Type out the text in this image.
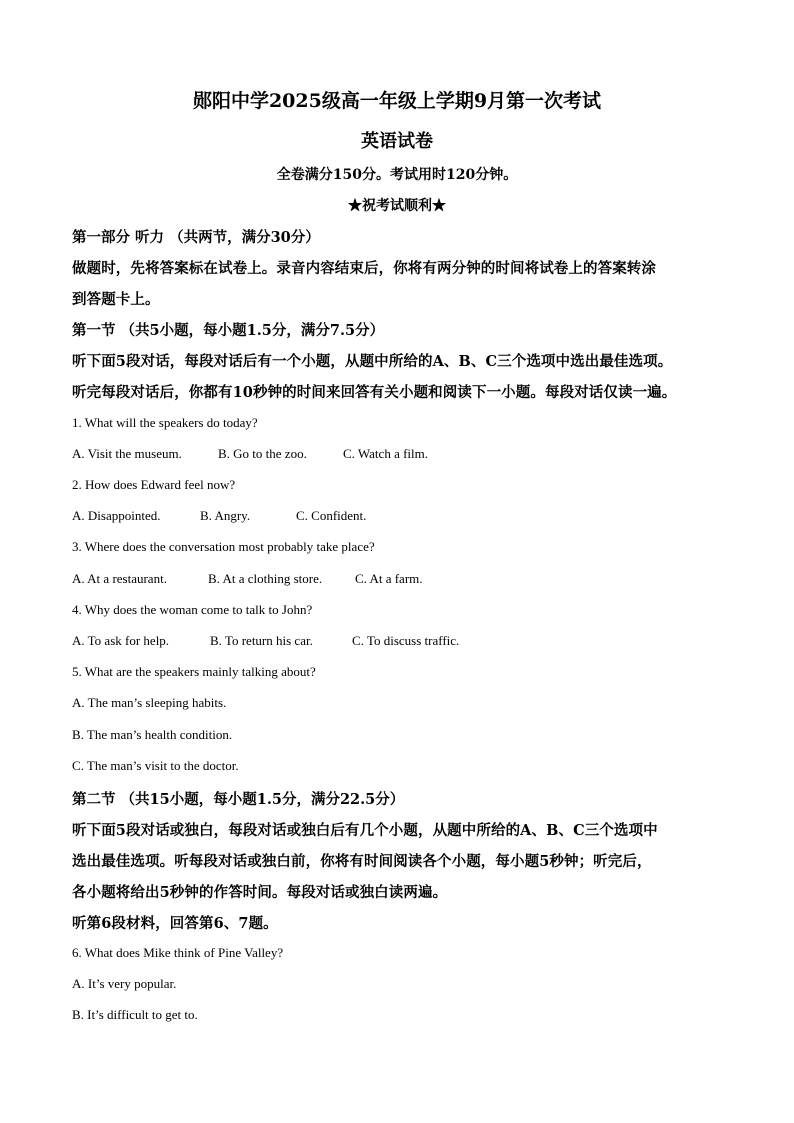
郧阳中学2025级高一年级上学期9月第一次考试
英语试卷
全卷满分150分。考试用时120分钟。
★祝考试顺利★
第一部分 听力 （共两节，满分30分）
做题时，先将答案标在试卷上。录音内容结束后，你将有两分钟的时间将试卷上的答案转涂
到答题卡上。
第一节 （共5小题，每小题1.5分，满分7.5分）
听下面5段对话，每段对话后有一个小题，从题中所给的A、B、C三个选项中选出最佳选项。
听完每段对话后，你都有10秒钟的时间来回答有关小题和阅读下一小题。每段对话仅读一遍。
1. What will the speakers do today?
A. Visit the museum.	B. Go to the zoo.	C. Watch a film.
2. How does Edward feel now?
A. Disappointed.	B. Angry.	C. Confident.
3. Where does the conversation most probably take place?
A. At a restaurant.	B. At a clothing store.	C. At a farm.
4. Why does the woman come to talk to John?
A. To ask for help.	B. To return his car.	C. To discuss traffic.
5. What are the speakers mainly talking about?
A. The man’s sleeping habits.
B. The man’s health condition.
C. The man’s visit to the doctor.
第二节 （共15小题，每小题1.5分，满分22.5分）
听下面5段对话或独白，每段对话或独白后有几个小题，从题中所给的A、B、C三个选项中
选出最佳选项。听每段对话或独白前，你将有时间阅读各个小题，每小题5秒钟；听完后，
各小题将给出5秒钟的作答时间。每段对话或独白读两遍。
听第6段材料，回答第6、7题。
6. What does Mike think of Pine Valley?
A. It’s very popular.
B. It’s difficult to get to.
